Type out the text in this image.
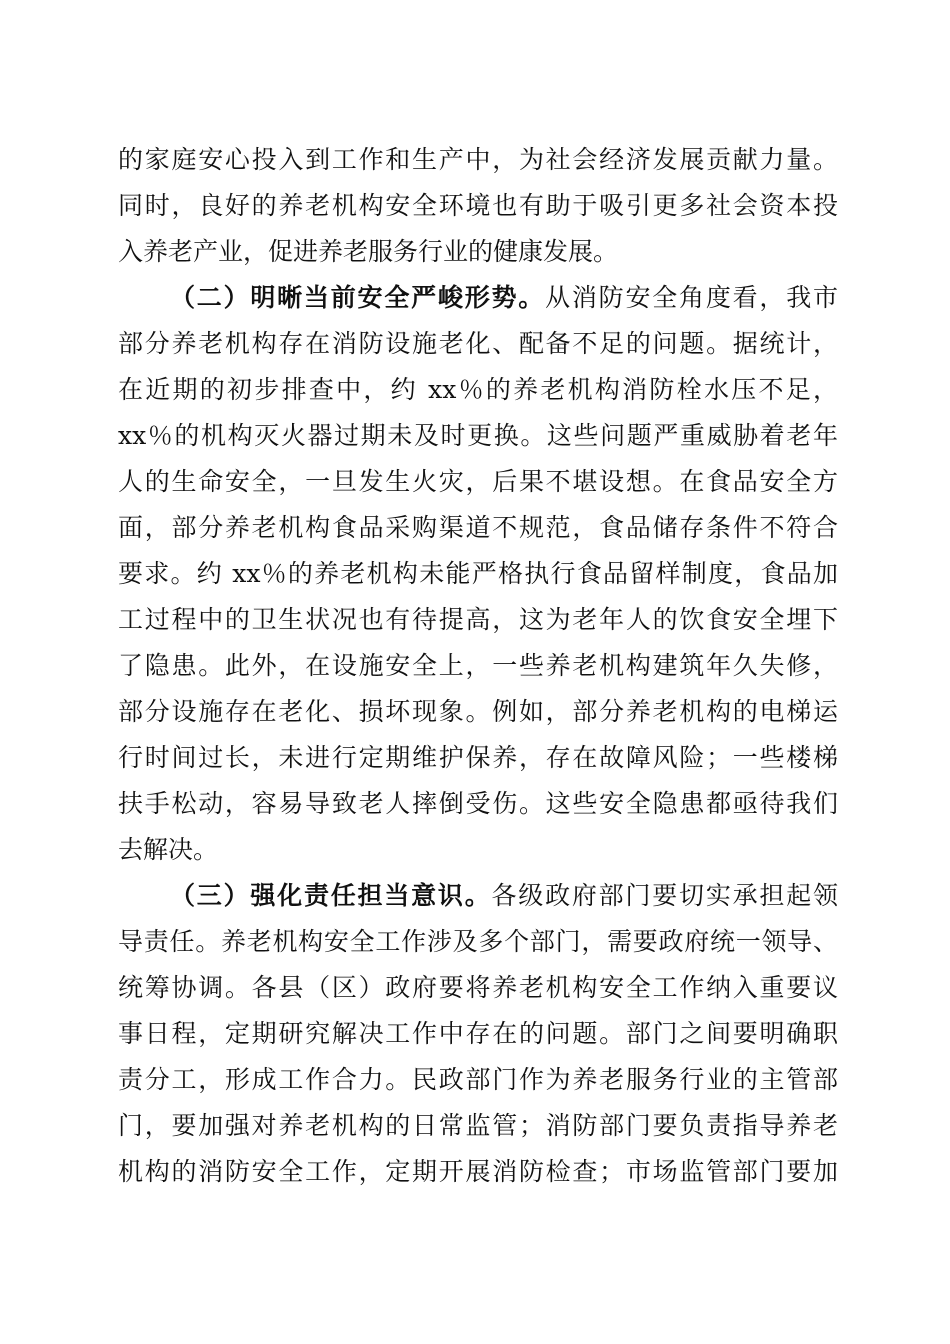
的家庭安心投入到工作和生产中，为社会经济发展贡献力量。
同时，良好的养老机构安全环境也有助于吸引更多社会资本投
入养老产业，促进养老服务行业的健康发展。
（二）明晰当前安全严峻形势。从消防安全角度看，我市
部分养老机构存在消防设施老化、配备不足的问题。据统计，
在近期的初步排查中，约 xx％的养老机构消防栓水压不足，
xx％的机构灭火器过期未及时更换。这些问题严重威胁着老年
人的生命安全，一旦发生火灾，后果不堪设想。在食品安全方
面，部分养老机构食品采购渠道不规范，食品储存条件不符合
要求。约 xx％的养老机构未能严格执行食品留样制度，食品加
工过程中的卫生状况也有待提高，这为老年人的饮食安全埋下
了隐患。此外，在设施安全上，一些养老机构建筑年久失修，
部分设施存在老化、损坏现象。例如，部分养老机构的电梯运
行时间过长，未进行定期维护保养，存在故障风险；一些楼梯
扶手松动，容易导致老人摔倒受伤。这些安全隐患都亟待我们
去解决。
（三）强化责任担当意识。各级政府部门要切实承担起领
导责任。养老机构安全工作涉及多个部门，需要政府统一领导、
统筹协调。各县（区）政府要将养老机构安全工作纳入重要议
事日程，定期研究解决工作中存在的问题。部门之间要明确职
责分工，形成工作合力。民政部门作为养老服务行业的主管部
门，要加强对养老机构的日常监管；消防部门要负责指导养老
机构的消防安全工作，定期开展消防检查；市场监管部门要加
